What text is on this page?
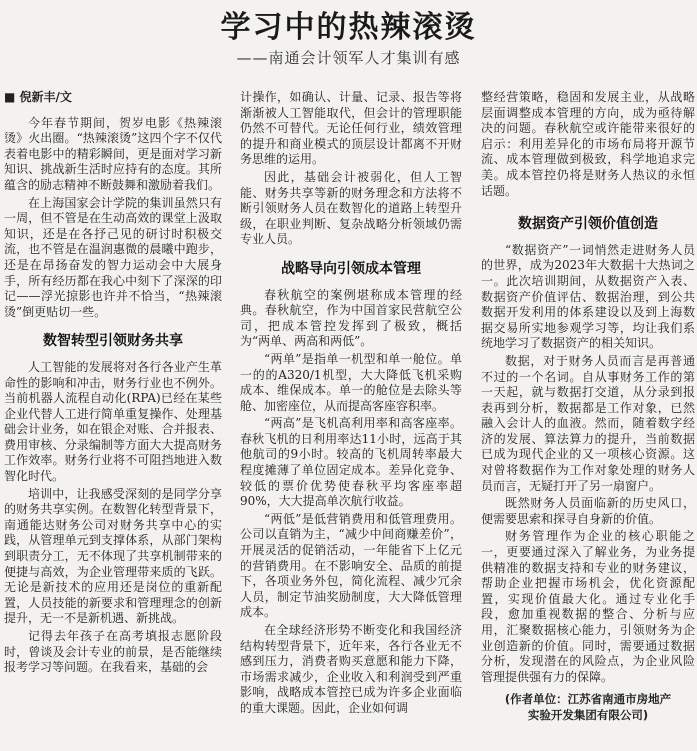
学习中的热辣滚烫
——南通会计领军人才集训有感
■ 倪新丰/文

今年春节期间，贺岁电影《热辣滚烫》火出圈。“热辣滚烫”这四个字不仅代表着电影中的精彩瞬间，更是面对学习新知识、挑战新生活时应持有的态度。其所蕴含的励志精神不断鼓舞和激励着我们。

在上海国家会计学院的集训虽然只有一周，但不管是在生动高效的课堂上汲取知识，还是在各抒己见的研讨时积极交流，也不管是在温润惠微的晨曦中跑步，还是在昂扬奋发的智力运动会中大展身手，所有经历都在我心中刻下了深深的印记——浮光掠影也许并不恰当，“热辣滚烫”倒更贴切一些。

数智转型引领财务共享

人工智能的发展将对各行各业产生革命性的影响和冲击，财务行业也不例外。当前机器人流程自动化(RPA)已经在某些企业代替人工进行简单重复操作、处理基础会计业务，如在银企对账、合并报表、费用审核、分录编制等方面大大提高财务工作效率。财务行业将不可阻挡地进入数智化时代。

培训中，让我感受深刻的是同学分享的财务共享实例。在数智化转型背景下，南通能达财务公司对财务共享中心的实践，从管理单元到支撑体系，从部门架构到职责分工，无不体现了共享机制带来的便捷与高效，为企业管理带来质的飞跃。无论是新技术的应用还是岗位的重新配置，人员技能的新要求和管理理念的创新提升，无一不是新机遇、新挑战。

记得去年孩子在高考填报志愿阶段时，曾谈及会计专业的前景，是否能继续报考学习等问题。在我看来，基础的会

计操作，如确认、计量、记录、报告等将渐渐被人工智能取代，但会计的管理职能仍然不可替代。无论任何行业，绩效管理的提升和商业模式的顶层设计都离不开财务思维的运用。

因此，基础会计被弱化，但人工智能、财务共享等新的财务理念和方法将不断引领财务人员在数智化的道路上转型升级，在职业判断、复杂战略分析领域仍需专业人员。

战略导向引领成本管理

春秋航空的案例堪称成本管理的经典。春秋航空，作为中国首家民营航空公司，把成本管控发挥到了极致，概括为“两单、两高和两低”。

“两单”是指单一机型和单一舱位。单一的的A320/1机型，大大降低飞机采购成本、维保成本。单一的舱位是去除头等舱、加密座位，从而提高客座容积率。

“两高”是飞机高利用率和高客座率。春秋飞机的日利用率达11小时，远高于其他航司的9小时。较高的飞机周转率最大程度摊薄了单位固定成本。差异化竞争、较低的票价优势使春秋平均客座率超90%，大大提高单次航行收益。

“两低”是低营销费用和低管理费用。公司以直销为主，“减少中间商赚差价”，开展灵活的促销活动，一年能省下上亿元的营销费用。在不影响安全、品质的前提下，各项业务外包，简化流程、减少冗余人员，制定节油奖励制度，大大降低管理成本。

在全球经济形势不断变化和我国经济结构转型背景下，近年来，各行各业无不感到压力，消费者购买意愿和能力下降，市场需求减少，企业收入和利润受到严重影响，战略成本管控已成为许多企业面临的重大课题。因此，企业如何调

整经营策略，稳固和发展主业，从战略层面调整成本管理的方向，成为亟待解决的问题。春秋航空或许能带来很好的启示：利用差异化的市场布局将开源节流、成本管理做到极致，科学地追求完美。成本管控仍将是财务人热议的永恒话题。

数据资产引领价值创造

“数据资产”一词悄然走进财务人员的世界，成为2023年大数据十大热词之一。此次培训期间，从数据资产入表、数据资产价值评估、数据治理，到公共数据开发利用的体系建设以及到上海数据交易所实地参观学习等，均让我们系统地学习了数据资产的相关知识。

数据，对于财务人员而言是再普通不过的一个名词。自从事财务工作的第一天起，就与数据打交道，从分录到报表再到分析，数据都是工作对象，已然融入会计人的血液。然而，随着数字经济的发展、算法算力的提升，当前数据已成为现代企业的又一项核心资源。这对曾将数据作为工作对象处理的财务人员而言，无疑打开了另一扇窗户。

既然财务人员面临新的历史风口，便需要思索和探寻自身新的价值。

财务管理作为企业的核心职能之一，更要通过深入了解业务，为业务提供精准的数据支持和专业的财务建议，帮助企业把握市场机会，优化资源配置，实现价值最大化。通过专业化手段，愈加重视数据的整合、分析与应用，汇聚数据核心能力，引领财务为企业创造新的价值。同时，需要通过数据分析，发现潜在的风险点，为企业风险管理提供强有力的保障。

(作者单位：江苏省南通市房地产
实验开发集团有限公司)
